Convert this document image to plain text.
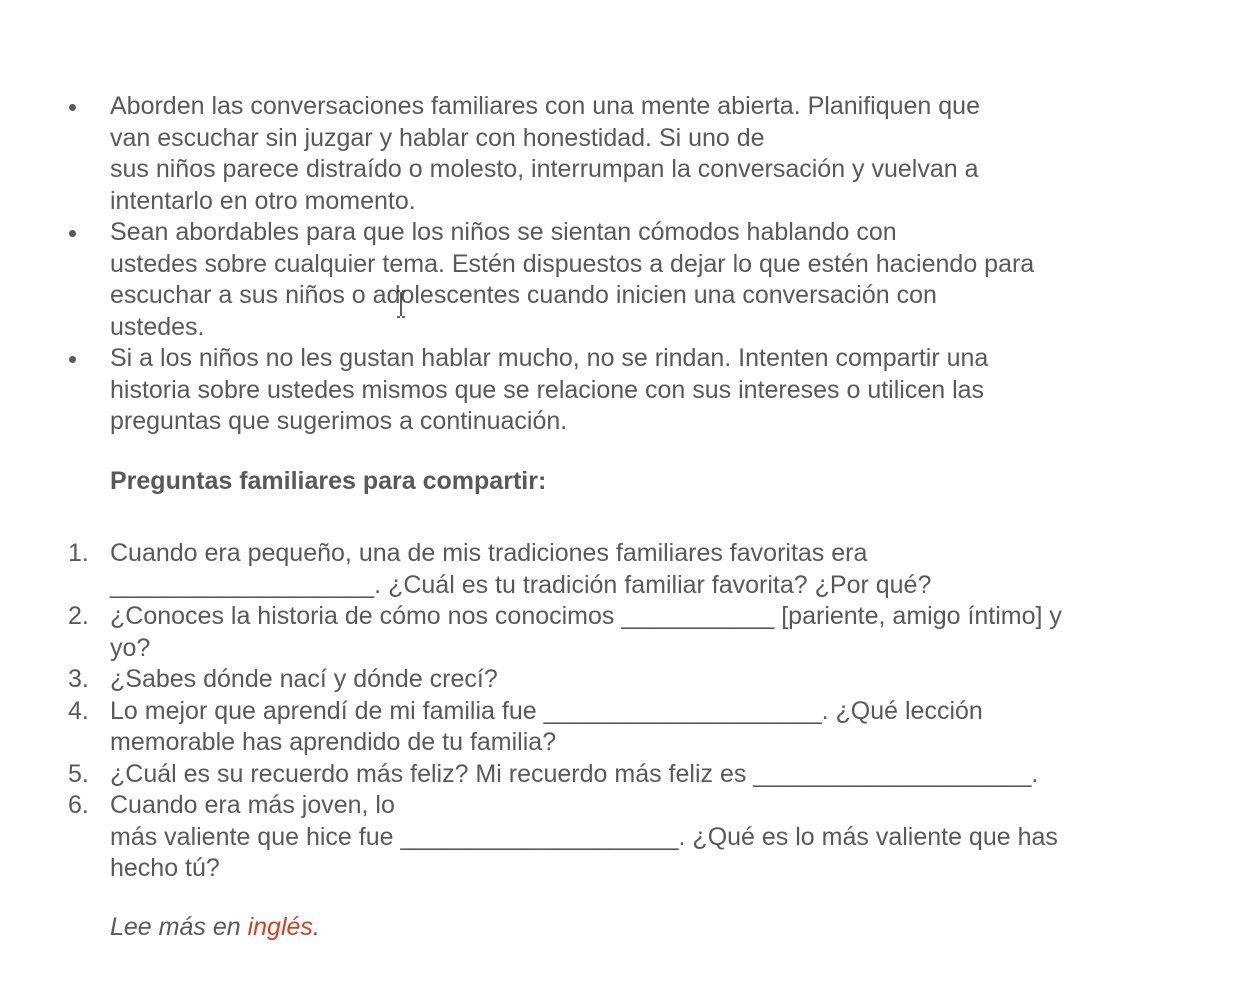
Aborden las conversaciones familiares con una mente abierta. Planifiquen que
van escuchar sin juzgar y hablar con honestidad. Si uno de
sus niños parece distraído o molesto, interrumpan la conversación y vuelvan a
intentarlo en otro momento.
Sean abordables para que los niños se sientan cómodos hablando con
ustedes sobre cualquier tema. Estén dispuestos a dejar lo que estén haciendo para
escuchar a sus niños o adolescentes cuando inicien una conversación con
ustedes.
Si a los niños no les gustan hablar mucho, no se rindan. Intenten compartir una
historia sobre ustedes mismos que se relacione con sus intereses o utilicen las
preguntas que sugerimos a continuación.
Preguntas familiares para compartir:
1. Cuando era pequeño, una de mis tradiciones familiares favoritas era
___________________. ¿Cuál es tu tradición familiar favorita? ¿Por qué?
2. ¿Conoces la historia de cómo nos conocimos ___________ [pariente, amigo íntimo] y
yo?
3. ¿Sabes dónde nací y dónde crecí?
4. Lo mejor que aprendí de mi familia fue ____________________. ¿Qué lección
memorable has aprendido de tu familia?
5. ¿Cuál es su recuerdo más feliz? Mi recuerdo más feliz es ____________________.
6. Cuando era más joven, lo
más valiente que hice fue ____________________. ¿Qué es lo más valiente que has
hecho tú?
Lee más en inglés.
